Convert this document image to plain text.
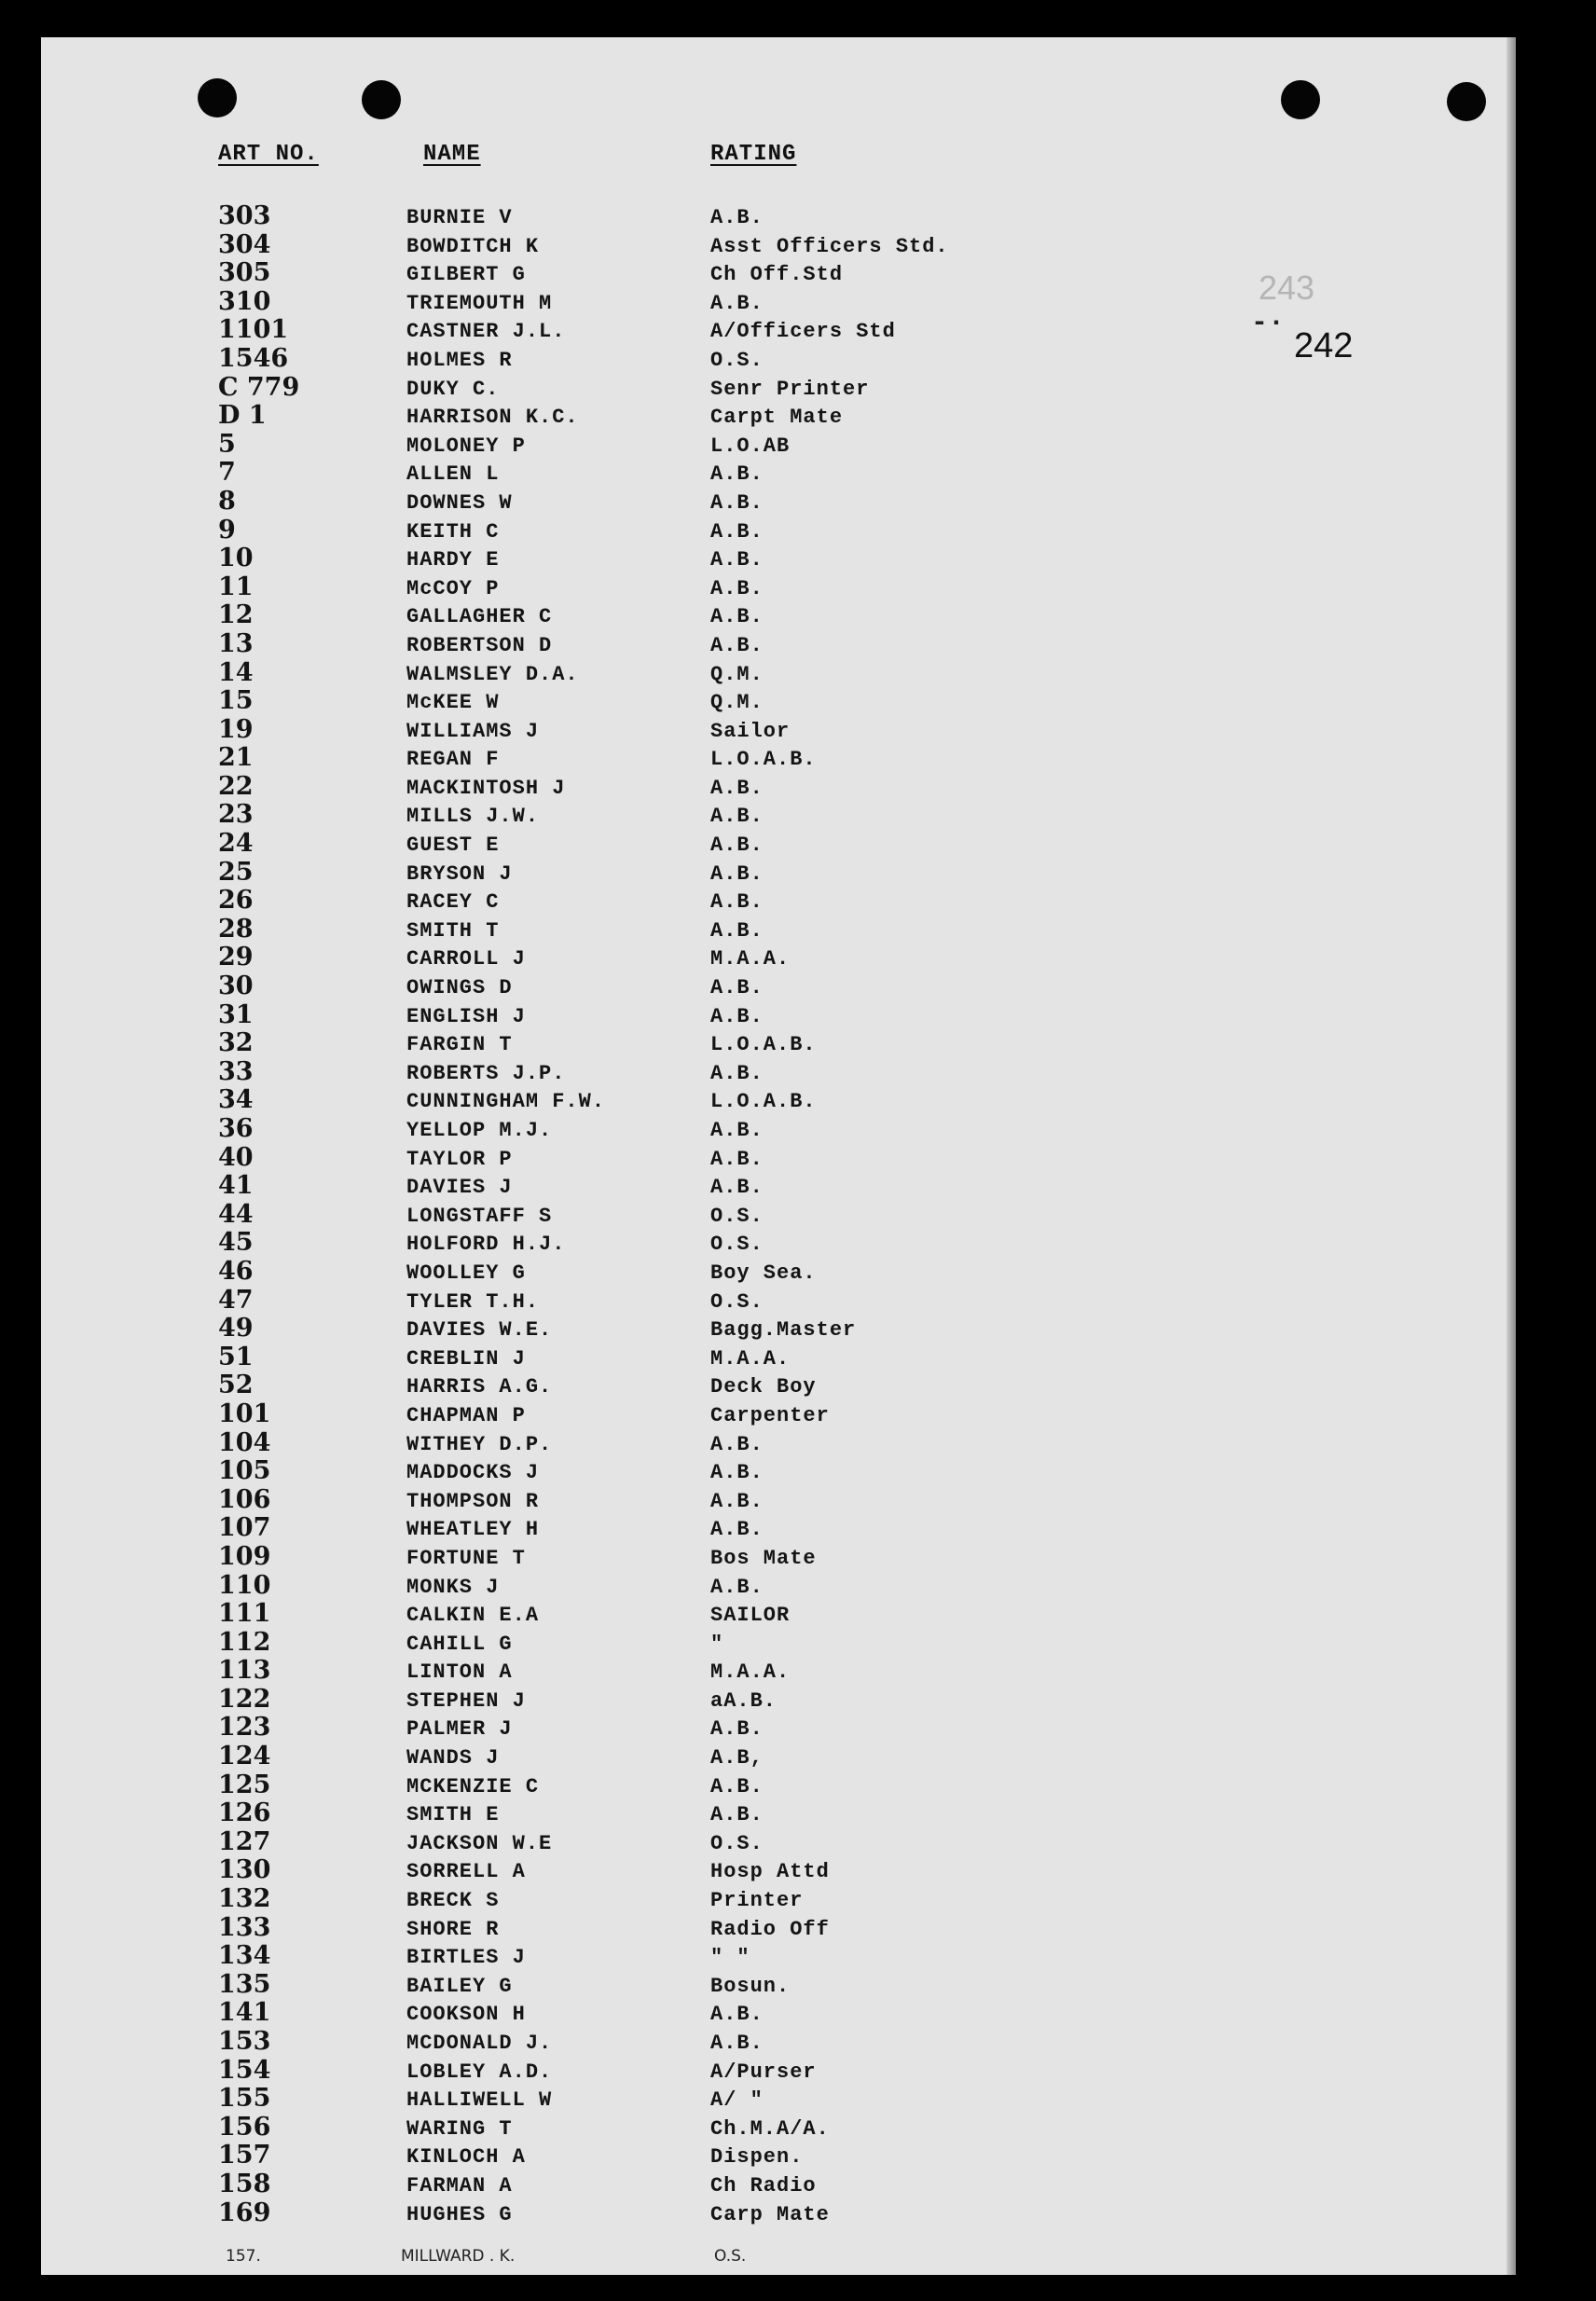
ART NO.	NAME	RATING
243
-·
242
303	BURNIE V	A.B.
304	BOWDITCH K	Asst Officers Std.
305	GILBERT G	Ch Off.Std
310	TRIEMOUTH M	A.B.
1101	CASTNER J.L.	A/Officers Std
1546	HOLMES R	O.S.
C 779	DUKY C.	Senr Printer
D 1	HARRISON K.C.	Carpt Mate
5	MOLONEY P	L.O.AB
7	ALLEN L	A.B.
8	DOWNES W	A.B.
9	KEITH C	A.B.
10	HARDY E	A.B.
11	McCOY P	A.B.
12	GALLAGHER C	A.B.
13	ROBERTSON D	A.B.
14	WALMSLEY D.A.	Q.M.
15	McKEE W	Q.M.
19	WILLIAMS J	Sailor
21	REGAN F	L.O.A.B.
22	MACKINTOSH J	A.B.
23	MILLS J.W.	A.B.
24	GUEST E	A.B.
25	BRYSON J	A.B.
26	RACEY C	A.B.
28	SMITH T	A.B.
29	CARROLL J	M.A.A.
30	OWINGS D	A.B.
31	ENGLISH J	A.B.
32	FARGIN T	L.O.A.B.
33	ROBERTS J.P.	A.B.
34	CUNNINGHAM F.W.	L.O.A.B.
36	YELLOP M.J.	A.B.
40	TAYLOR P	A.B.
41	DAVIES J	A.B.
44	LONGSTAFF S	O.S.
45	HOLFORD H.J.	O.S.
46	WOOLLEY G	Boy Sea.
47	TYLER T.H.	O.S.
49	DAVIES W.E.	Bagg.Master
51	CREBLIN J	M.A.A.
52	HARRIS A.G.	Deck Boy
101	CHAPMAN P	Carpenter
104	WITHEY D.P.	A.B.
105	MADDOCKS J	A.B.
106	THOMPSON R	A.B.
107	WHEATLEY H	A.B.
109	FORTUNE T	Bos Mate
110	MONKS J	A.B.
111	CALKIN E.A	SAILOR
112	CAHILL G	"
113	LINTON A	M.A.A.
122	STEPHEN J	aA.B.
123	PALMER J	A.B.
124	WANDS J	A.B,
125	MCKENZIE C	A.B.
126	SMITH E	A.B.
127	JACKSON W.E	O.S.
130	SORRELL A	Hosp Attd
132	BRECK S	Printer
133	SHORE R	Radio Off
134	BIRTLES J	" "
135	BAILEY G	Bosun.
141	COOKSON H	A.B.
153	MCDONALD J.	A.B.
154	LOBLEY A.D.	A/Purser
155	HALLIWELL W	A/ "
156	WARING T	Ch.M.A/A.
157	KINLOCH A	Dispen.
158	FARMAN A	Ch Radio
169	HUGHES G	Carp Mate
157.	MILLWARD . K.	O.S.
